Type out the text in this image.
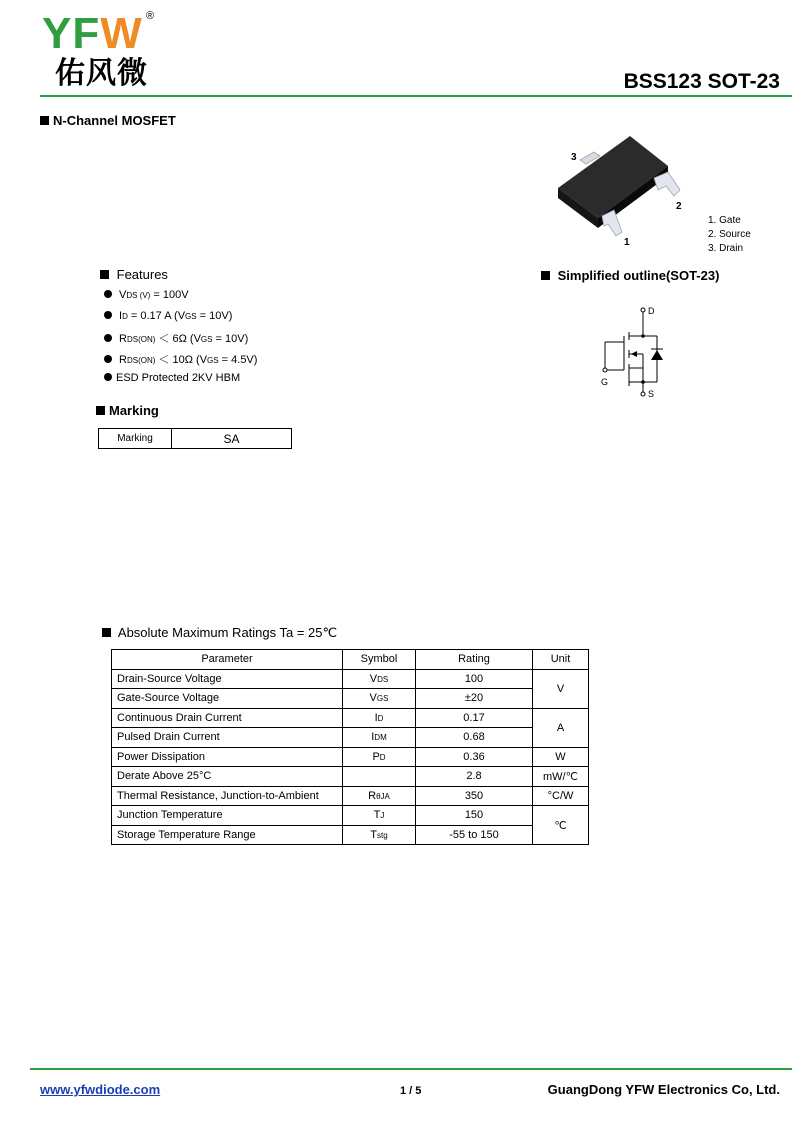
YFW ®
佑风微	BSS123 SOT-23
N-Channel MOSFET
3
2
1
1. Gate
2. Source
3. Drain
Features
VDS (V) = 100V
ID = 0.17 A (VGS = 10V)
RDS(ON) ＜ 6Ω (VGS = 10V)
RDS(ON) ＜ 10Ω (VGS = 4.5V)
ESD Protected 2KV HBM
Simplified outline(SOT-23)
D
G
S
Marking
Marking	SA
Absolute Maximum Ratings Ta = 25℃
Parameter	Symbol	Rating	Unit
Drain-Source Voltage	VDS	100	V
Gate-Source Voltage	VGS	±20	
Continuous Drain Current	ID	0.17	A
Pulsed Drain Current	IDM	0.68	
Power Dissipation	PD	0.36	W
Derate Above 25°C		2.8	mW/℃
Thermal Resistance, Junction-to-Ambient	RθJA	350	°C/W
Junction Temperature	TJ	150	℃
Storage Temperature Range	Tstg	-55 to 150	
www.yfwdiode.com	1 / 5	GuangDong YFW Electronics Co, Ltd.
